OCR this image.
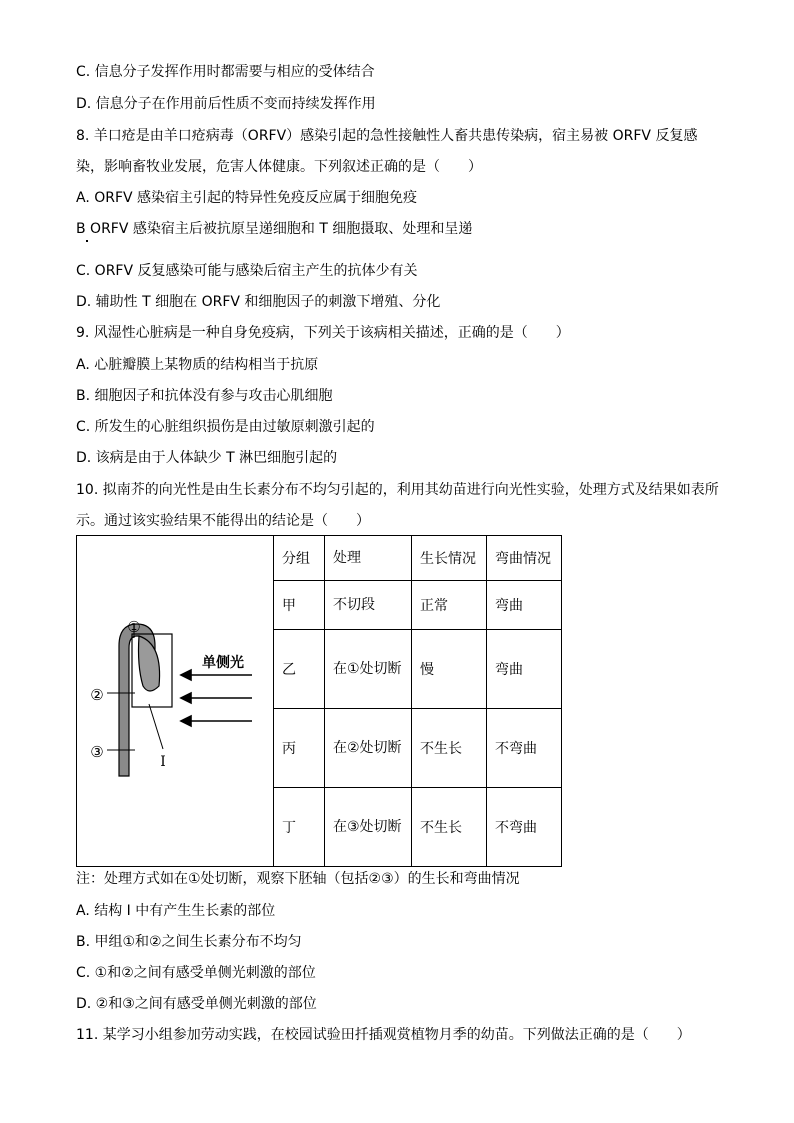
C. 信息分子发挥作用时都需要与相应的受体结合
D. 信息分子在作用前后性质不变而持续发挥作用
8. 羊口疮是由羊口疮病毒（ORFV）感染引起的急性接触性人畜共患传染病，宿主易被 ORFV 反复感
染，影响畜牧业发展，危害人体健康。下列叙述正确的是（　　）
A. ORFV 感染宿主引起的特异性免疫反应属于细胞免疫
B ORFV 感染宿主后被抗原呈递细胞和 T 细胞摄取、处理和呈递
C. ORFV 反复感染可能与感染后宿主产生的抗体少有关
D. 辅助性 T 细胞在 ORFV 和细胞因子的刺激下增殖、分化
9. 风湿性心脏病是一种自身免疫病，下列关于该病相关描述，正确的是（　　）
A. 心脏瓣膜上某物质的结构相当于抗原
B. 细胞因子和抗体没有参与攻击心肌细胞
C. 所发生的心脏组织损伤是由过敏原刺激引起的
D. 该病是由于人体缺少 T 淋巴细胞引起的
10. 拟南芥的向光性是由生长素分布不均匀引起的，利用其幼苗进行向光性实验，处理方式及结果如表所
示。通过该实验结果不能得出的结论是（　　）
①
②
③
单侧光
I	分组	处理	生长情况	弯曲情况
	甲	不切段	正常	弯曲
	乙	在①处切断	慢	弯曲
	丙	在②处切断	不生长	不弯曲
	丁	在③处切断	不生长	不弯曲
注：处理方式如在①处切断，观察下胚轴（包括②③）的生长和弯曲情况
A. 结构 I 中有产生生长素的部位
B. 甲组①和②之间生长素分布不均匀
C. ①和②之间有感受单侧光刺激的部位
D. ②和③之间有感受单侧光刺激的部位
11. 某学习小组参加劳动实践，在校园试验田扦插观赏植物月季的幼苗。下列做法正确的是（　　）
